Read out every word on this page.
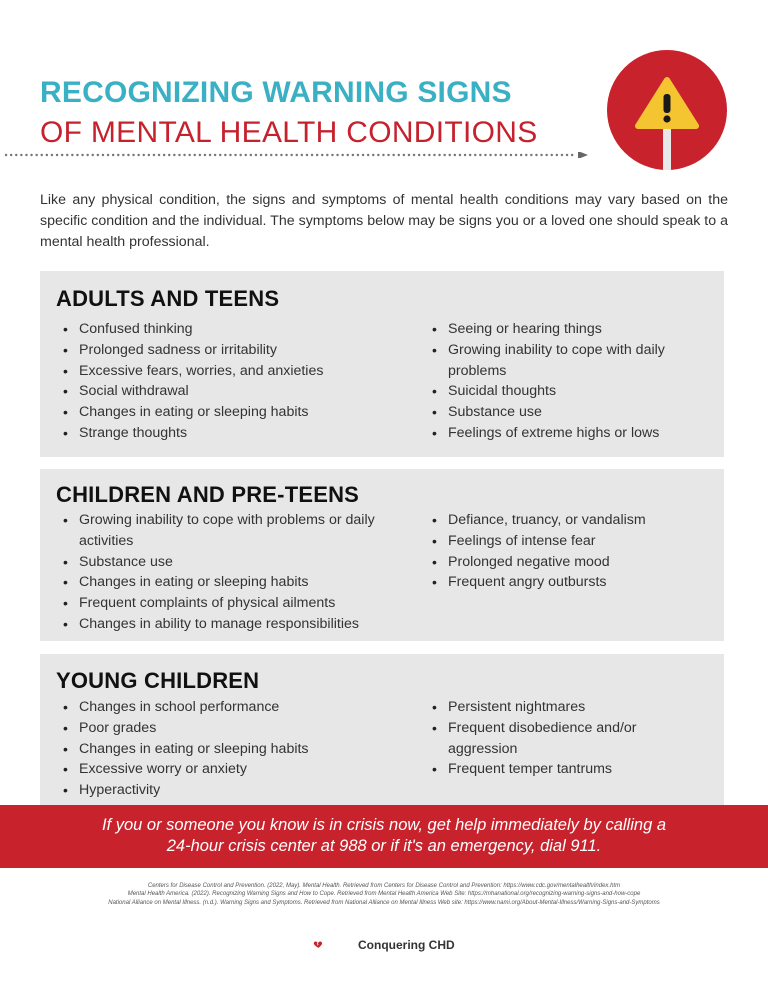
RECOGNIZING WARNING SIGNS
OF MENTAL HEALTH CONDITIONS
Like any physical condition, the signs and symptoms of mental health conditions may vary based on the specific condition and the individual. The symptoms below may be signs you or a loved one should speak to a mental health professional.
ADULTS AND TEENS
• Confused thinking
• Prolonged sadness or irritability
• Excessive fears, worries, and anxieties
• Social withdrawal
• Changes in eating or sleeping habits
• Strange thoughts
• Seeing or hearing things
• Growing inability to cope with daily problems
• Suicidal thoughts
• Substance use
• Feelings of extreme highs or lows
CHILDREN AND PRE-TEENS
• Growing inability to cope with problems or daily activities
• Substance use
• Changes in eating or sleeping habits
• Frequent complaints of physical ailments
• Changes in ability to manage responsibilities
• Defiance, truancy, or vandalism
• Feelings of intense fear
• Prolonged negative mood
• Frequent angry outbursts
YOUNG CHILDREN
• Changes in school performance
• Poor grades
• Changes in eating or sleeping habits
• Excessive worry or anxiety
• Hyperactivity
• Persistent nightmares
• Frequent disobedience and/or aggression
• Frequent temper tantrums
If you or someone you know is in crisis now, get help immediately by calling a
24-hour crisis center at 988 or if it's an emergency, dial 911.
Centers for Disease Control and Prevention. (2022, May). Mental Health. Retrieved from Centers for Disease Control and Prevention: https://www.cdc.gov/mentalhealth/index.htm
Mental Health America. (2022). Recognizing Warning Signs and How to Cope. Retrieved from Mental Health America Web Site: https://mhanational.org/recognizing-warning-signs-and-how-cope
National Alliance on Mental Illness. (n.d.). Warning Signs and Symptoms. Retrieved from National Alliance on Mental Illness Web site: https://www.nami.org/About-Mental-Illness/Warning-Signs-and-Symptoms
Conquering CHD
